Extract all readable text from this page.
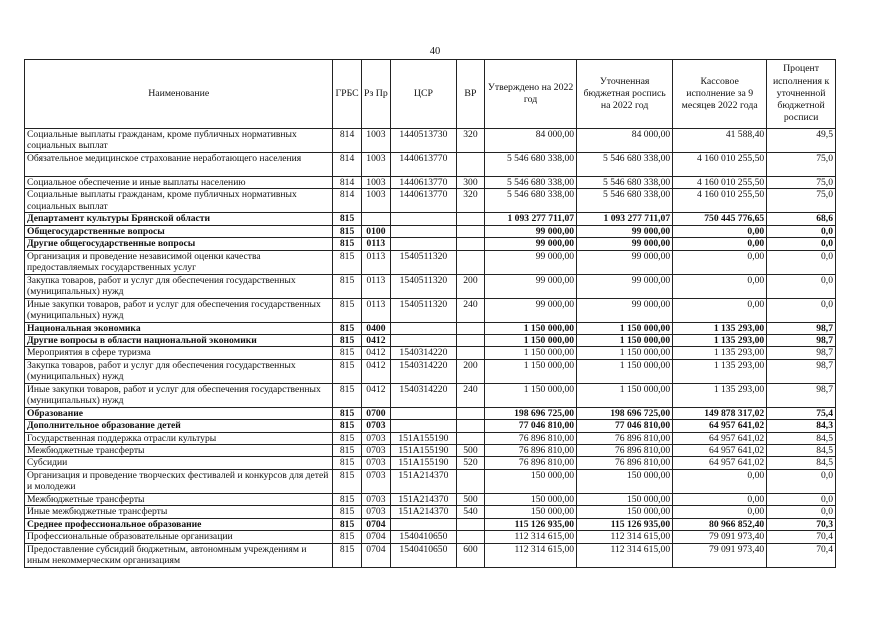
40
Наименование	ГРБС	Рз Пр	ЦСР	ВР	Утверждено на 2022 год	Уточненная бюджетная роспись на 2022 год	Кассовое исполнение за 9 месяцев 2022 года	Процент исполнения к уточненной бюджетной росписи
Социальные выплаты гражданам, кроме публичных нормативных социальных выплат	814	1003	1440513730	320	84 000,00	84 000,00	41 588,40	49,5
Обязательное медицинское страхование неработающего населения	814	1003	1440613770		5 546 680 338,00	5 546 680 338,00	4 160 010 255,50	75,0
Социальное обеспечение и иные выплаты населению	814	1003	1440613770	300	5 546 680 338,00	5 546 680 338,00	4 160 010 255,50	75,0
Социальные выплаты гражданам, кроме публичных нормативных социальных выплат	814	1003	1440613770	320	5 546 680 338,00	5 546 680 338,00	4 160 010 255,50	75,0
Департамент культуры Брянской области	815				1 093 277 711,07	1 093 277 711,07	750 445 776,65	68,6
Общегосударственные вопросы	815	0100			99 000,00	99 000,00	0,00	0,0
Другие общегосударственные вопросы	815	0113			99 000,00	99 000,00	0,00	0,0
Организация и проведение независимой оценки качества предоставляемых государственных услуг	815	0113	1540511320		99 000,00	99 000,00	0,00	0,0
Закупка товаров, работ и услуг для обеспечения государственных (муниципальных) нужд	815	0113	1540511320	200	99 000,00	99 000,00	0,00	0,0
Иные закупки товаров, работ и услуг для обеспечения государственных (муниципальных) нужд	815	0113	1540511320	240	99 000,00	99 000,00	0,00	0,0
Национальная экономика	815	0400			1 150 000,00	1 150 000,00	1 135 293,00	98,7
Другие вопросы в области национальной экономики	815	0412			1 150 000,00	1 150 000,00	1 135 293,00	98,7
Мероприятия в сфере туризма	815	0412	1540314220		1 150 000,00	1 150 000,00	1 135 293,00	98,7
Закупка товаров, работ и услуг для обеспечения государственных (муниципальных) нужд	815	0412	1540314220	200	1 150 000,00	1 150 000,00	1 135 293,00	98,7
Иные закупки товаров, работ и услуг для обеспечения государственных (муниципальных) нужд	815	0412	1540314220	240	1 150 000,00	1 150 000,00	1 135 293,00	98,7
Образование	815	0700			198 696 725,00	198 696 725,00	149 878 317,02	75,4
Дополнительное образование детей	815	0703			77 046 810,00	77 046 810,00	64 957 641,02	84,3
Государственная поддержка отрасли культуры	815	0703	151A155190		76 896 810,00	76 896 810,00	64 957 641,02	84,5
Межбюджетные трансферты	815	0703	151A155190	500	76 896 810,00	76 896 810,00	64 957 641,02	84,5
Субсидии	815	0703	151A155190	520	76 896 810,00	76 896 810,00	64 957 641,02	84,5
Организация и проведение творческих фестивалей и конкурсов для детей и молодежи	815	0703	151A214370		150 000,00	150 000,00	0,00	0,0
Межбюджетные трансферты	815	0703	151A214370	500	150 000,00	150 000,00	0,00	0,0
Иные межбюджетные трансферты	815	0703	151A214370	540	150 000,00	150 000,00	0,00	0,0
Среднее профессиональное образование	815	0704			115 126 935,00	115 126 935,00	80 966 852,40	70,3
Профессиональные образовательные организации	815	0704	1540410650		112 314 615,00	112 314 615,00	79 091 973,40	70,4
Предоставление субсидий бюджетным, автономным учреждениям и иным некоммерческим организациям	815	0704	1540410650	600	112 314 615,00	112 314 615,00	79 091 973,40	70,4
